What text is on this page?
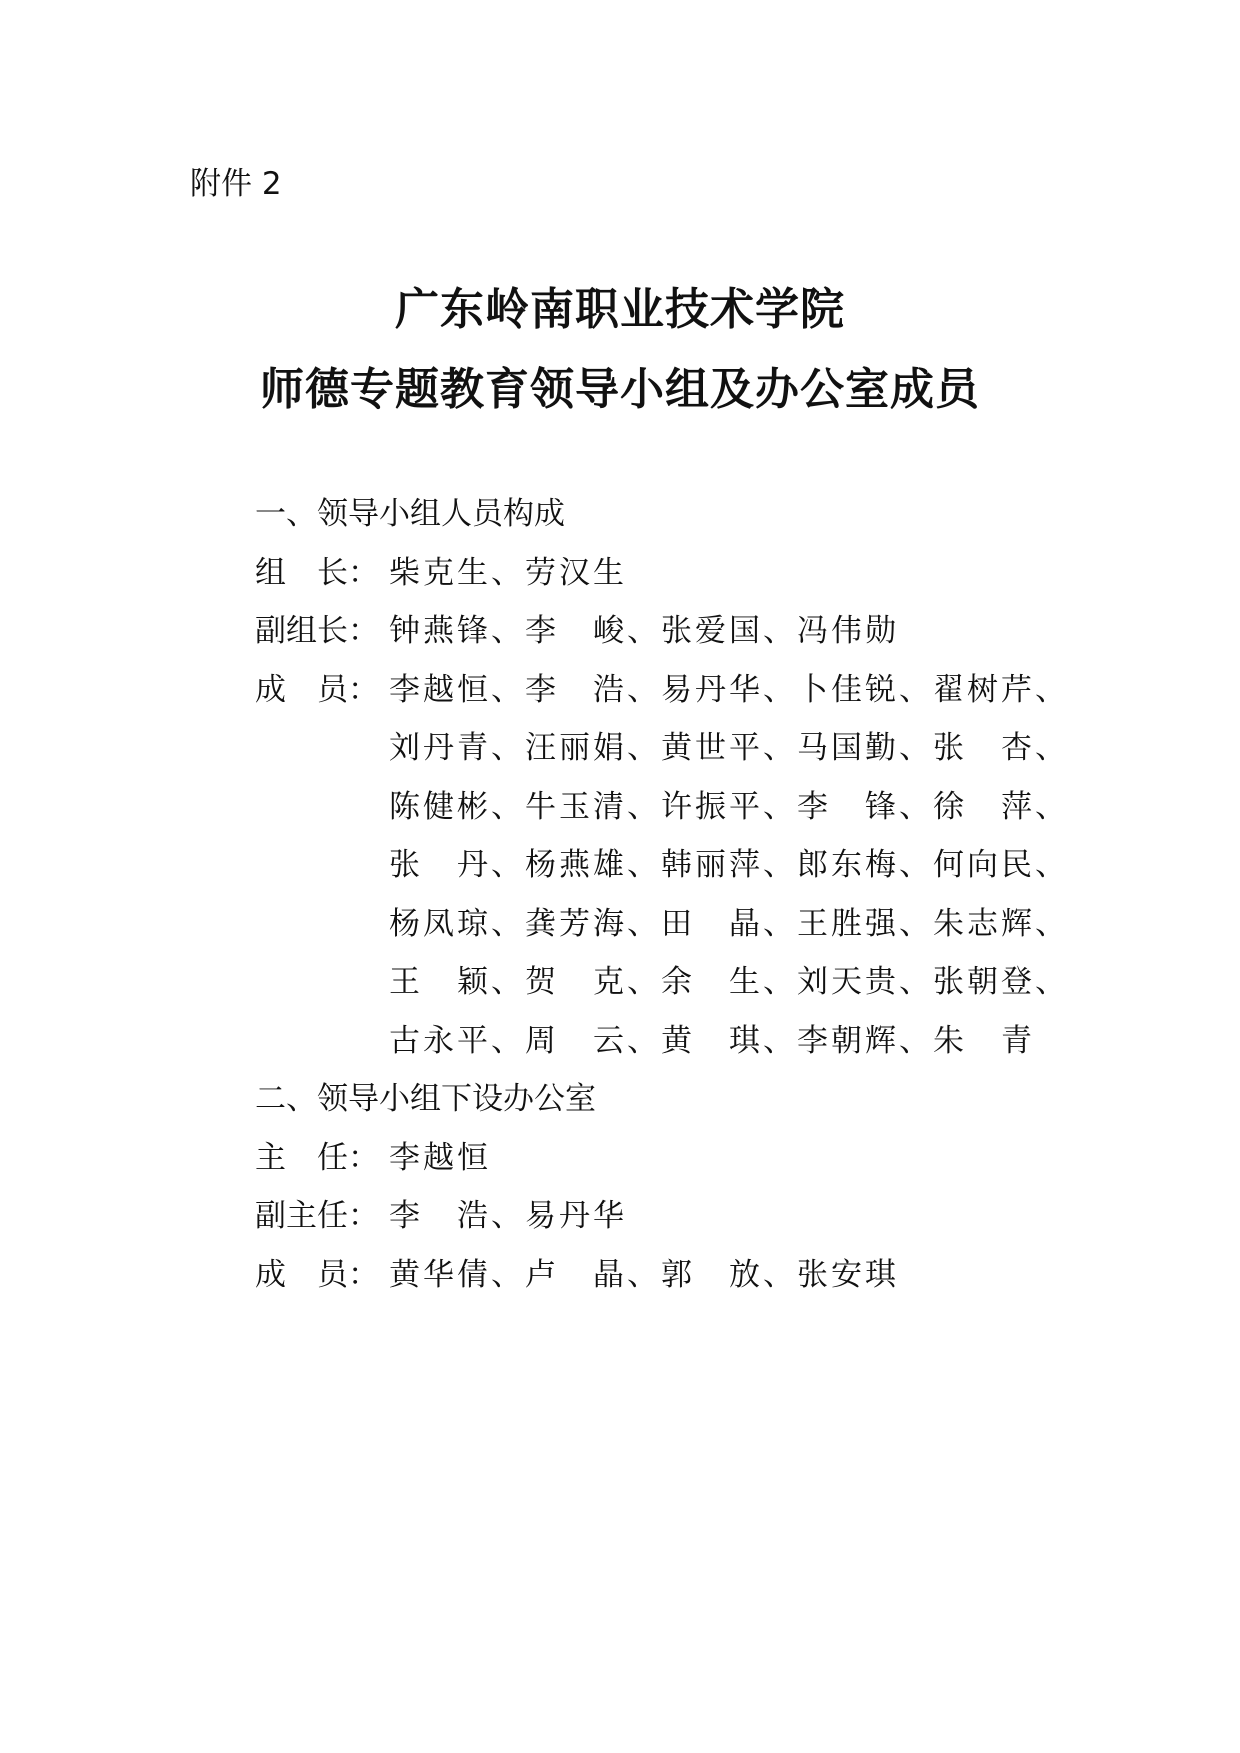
附件 2
广东岭南职业技术学院
师德专题教育领导小组及办公室成员
一、领导小组人员构成
组　长： 柴克生、劳汉生
副组长： 钟燕锋、李　峻、张爱国、冯伟勋
成　员： 李越恒、李　浩、易丹华、卜佳锐、翟树芹、
刘丹青、汪丽娟、黄世平、马国勤、张　杏、
陈健彬、牛玉清、许振平、李　锋、徐　萍、
张　丹、杨燕雄、韩丽萍、郎东梅、何向民、
杨凤琼、龚芳海、田　晶、王胜强、朱志辉、
王　颖、贺　克、余　生、刘天贵、张朝登、
古永平、周　云、黄　琪、李朝辉、朱　青
二、领导小组下设办公室
主　任： 李越恒
副主任： 李　浩、易丹华
成　员： 黄华倩、卢　晶、郭　放、张安琪
